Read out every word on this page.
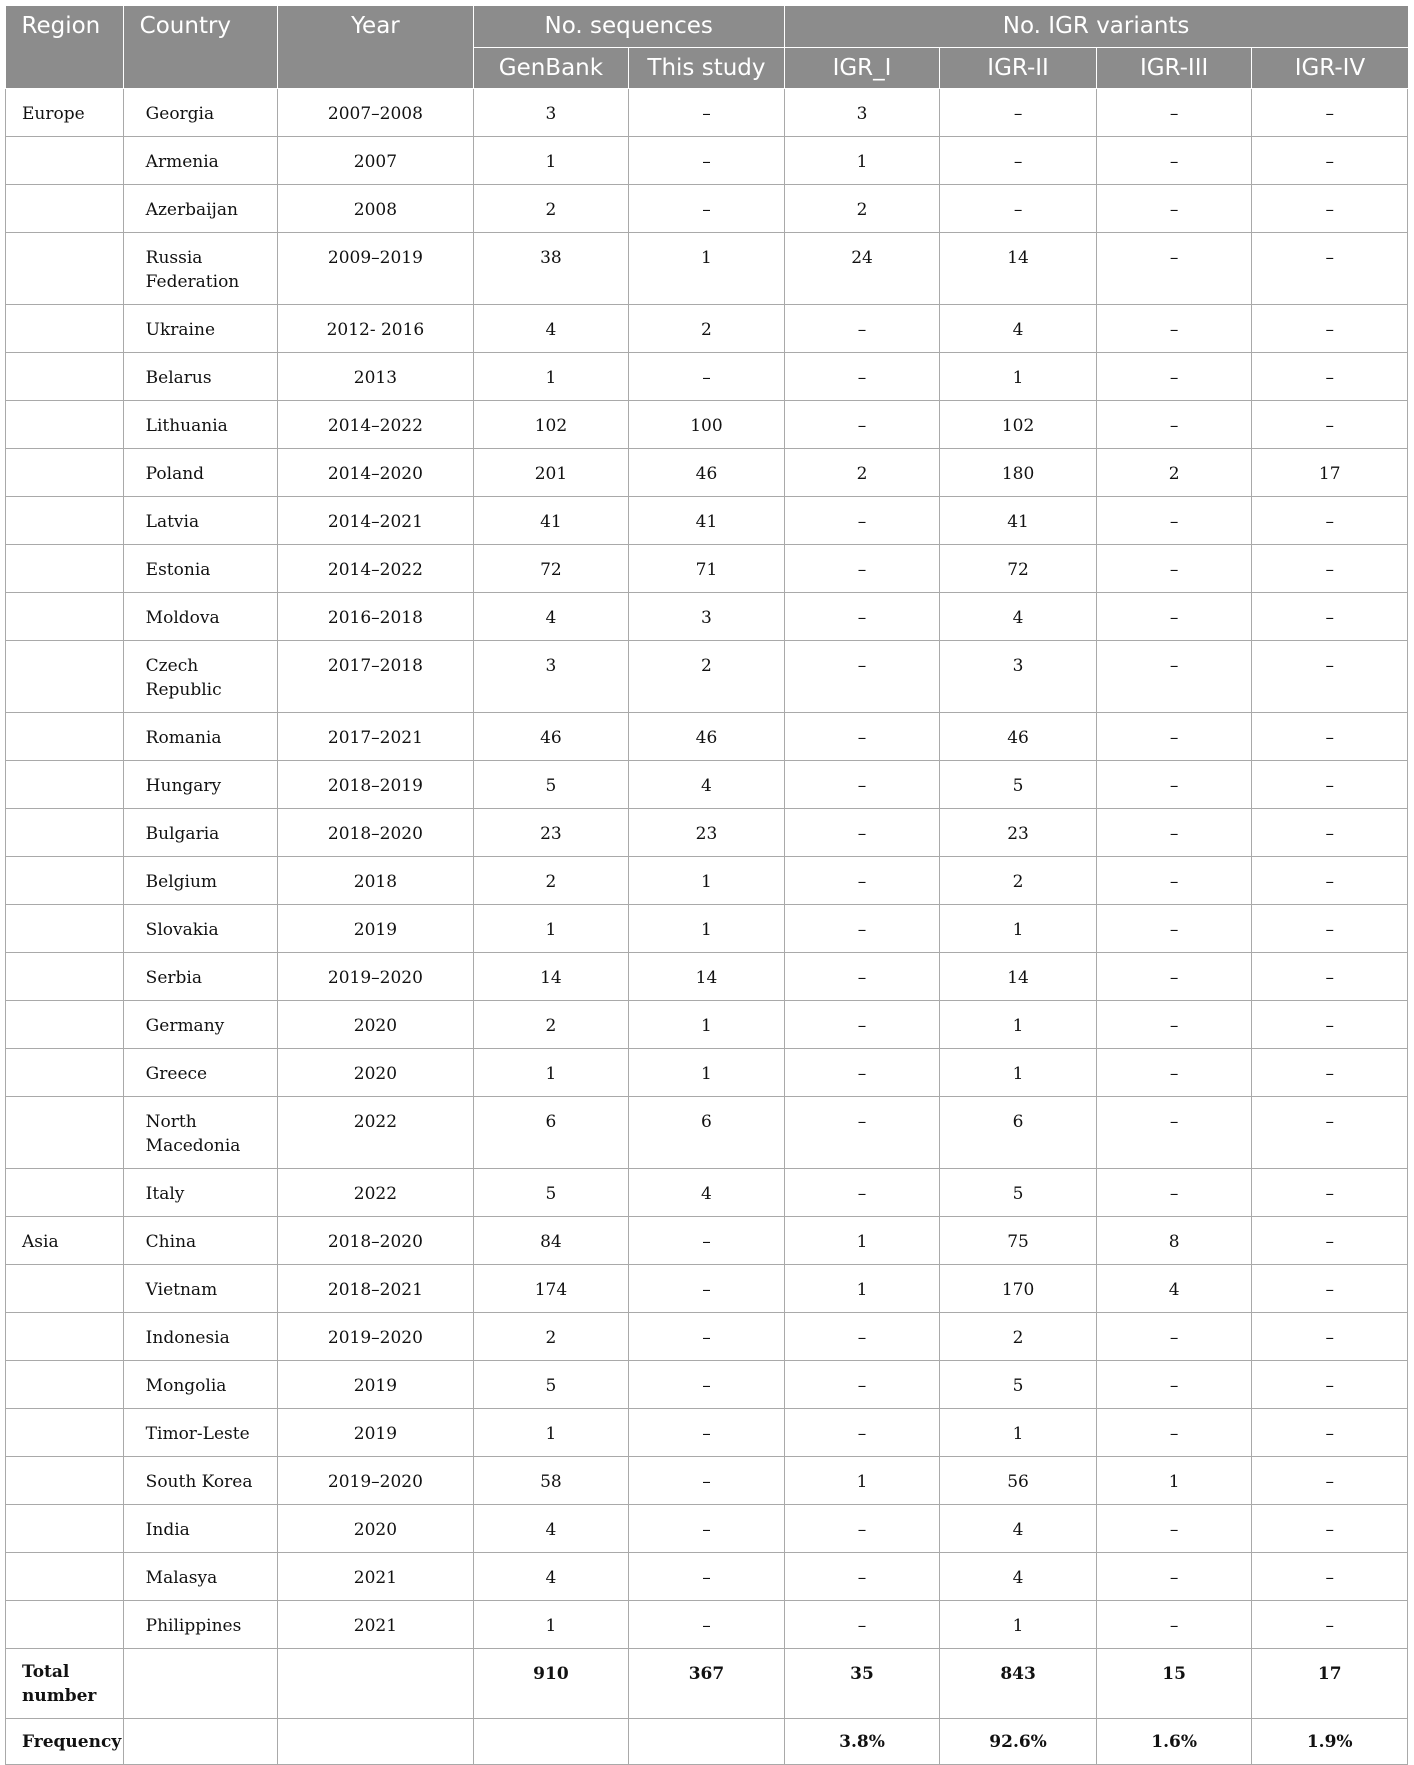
Region	Country	Year	No. sequences		No. IGR variants			
			GenBank	This study	IGR_I	IGR-II	IGR-III	IGR-IV
Europe	Georgia	2007–2008	3	–	3	–	–	–
	Armenia	2007	1	–	1	–	–	–
	Azerbaijan	2008	2	–	2	–	–	–
	Russia Federation	2009–2019	38	1	24	14	–	–
	Ukraine	2012- 2016	4	2	–	4	–	–
	Belarus	2013	1	–	–	1	–	–
	Lithuania	2014–2022	102	100	–	102	–	–
	Poland	2014–2020	201	46	2	180	2	17
	Latvia	2014–2021	41	41	–	41	–	–
	Estonia	2014–2022	72	71	–	72	–	–
	Moldova	2016–2018	4	3	–	4	–	–
	Czech Republic	2017–2018	3	2	–	3	–	–
	Romania	2017–2021	46	46	–	46	–	–
	Hungary	2018–2019	5	4	–	5	–	–
	Bulgaria	2018–2020	23	23	–	23	–	–
	Belgium	2018	2	1	–	2	–	–
	Slovakia	2019	1	1	–	1	–	–
	Serbia	2019–2020	14	14	–	14	–	–
	Germany	2020	2	1	–	1	–	–
	Greece	2020	1	1	–	1	–	–
	North Macedonia	2022	6	6	–	6	–	–
	Italy	2022	5	4	–	5	–	–
Asia	China	2018–2020	84	–	1	75	8	–
	Vietnam	2018–2021	174	–	1	170	4	–
	Indonesia	2019–2020	2	–	–	2	–	–
	Mongolia	2019	5	–	–	5	–	–
	Timor-Leste	2019	1	–	–	1	–	–
	South Korea	2019–2020	58	–	1	56	1	–
	India	2020	4	–	–	4	–	–
	Malasya	2021	4	–	–	4	–	–
	Philippines	2021	1	–	–	1	–	–
Total number			910	367	35	843	15	17
Frequency					3.8%	92.6%	1.6%	1.9%
